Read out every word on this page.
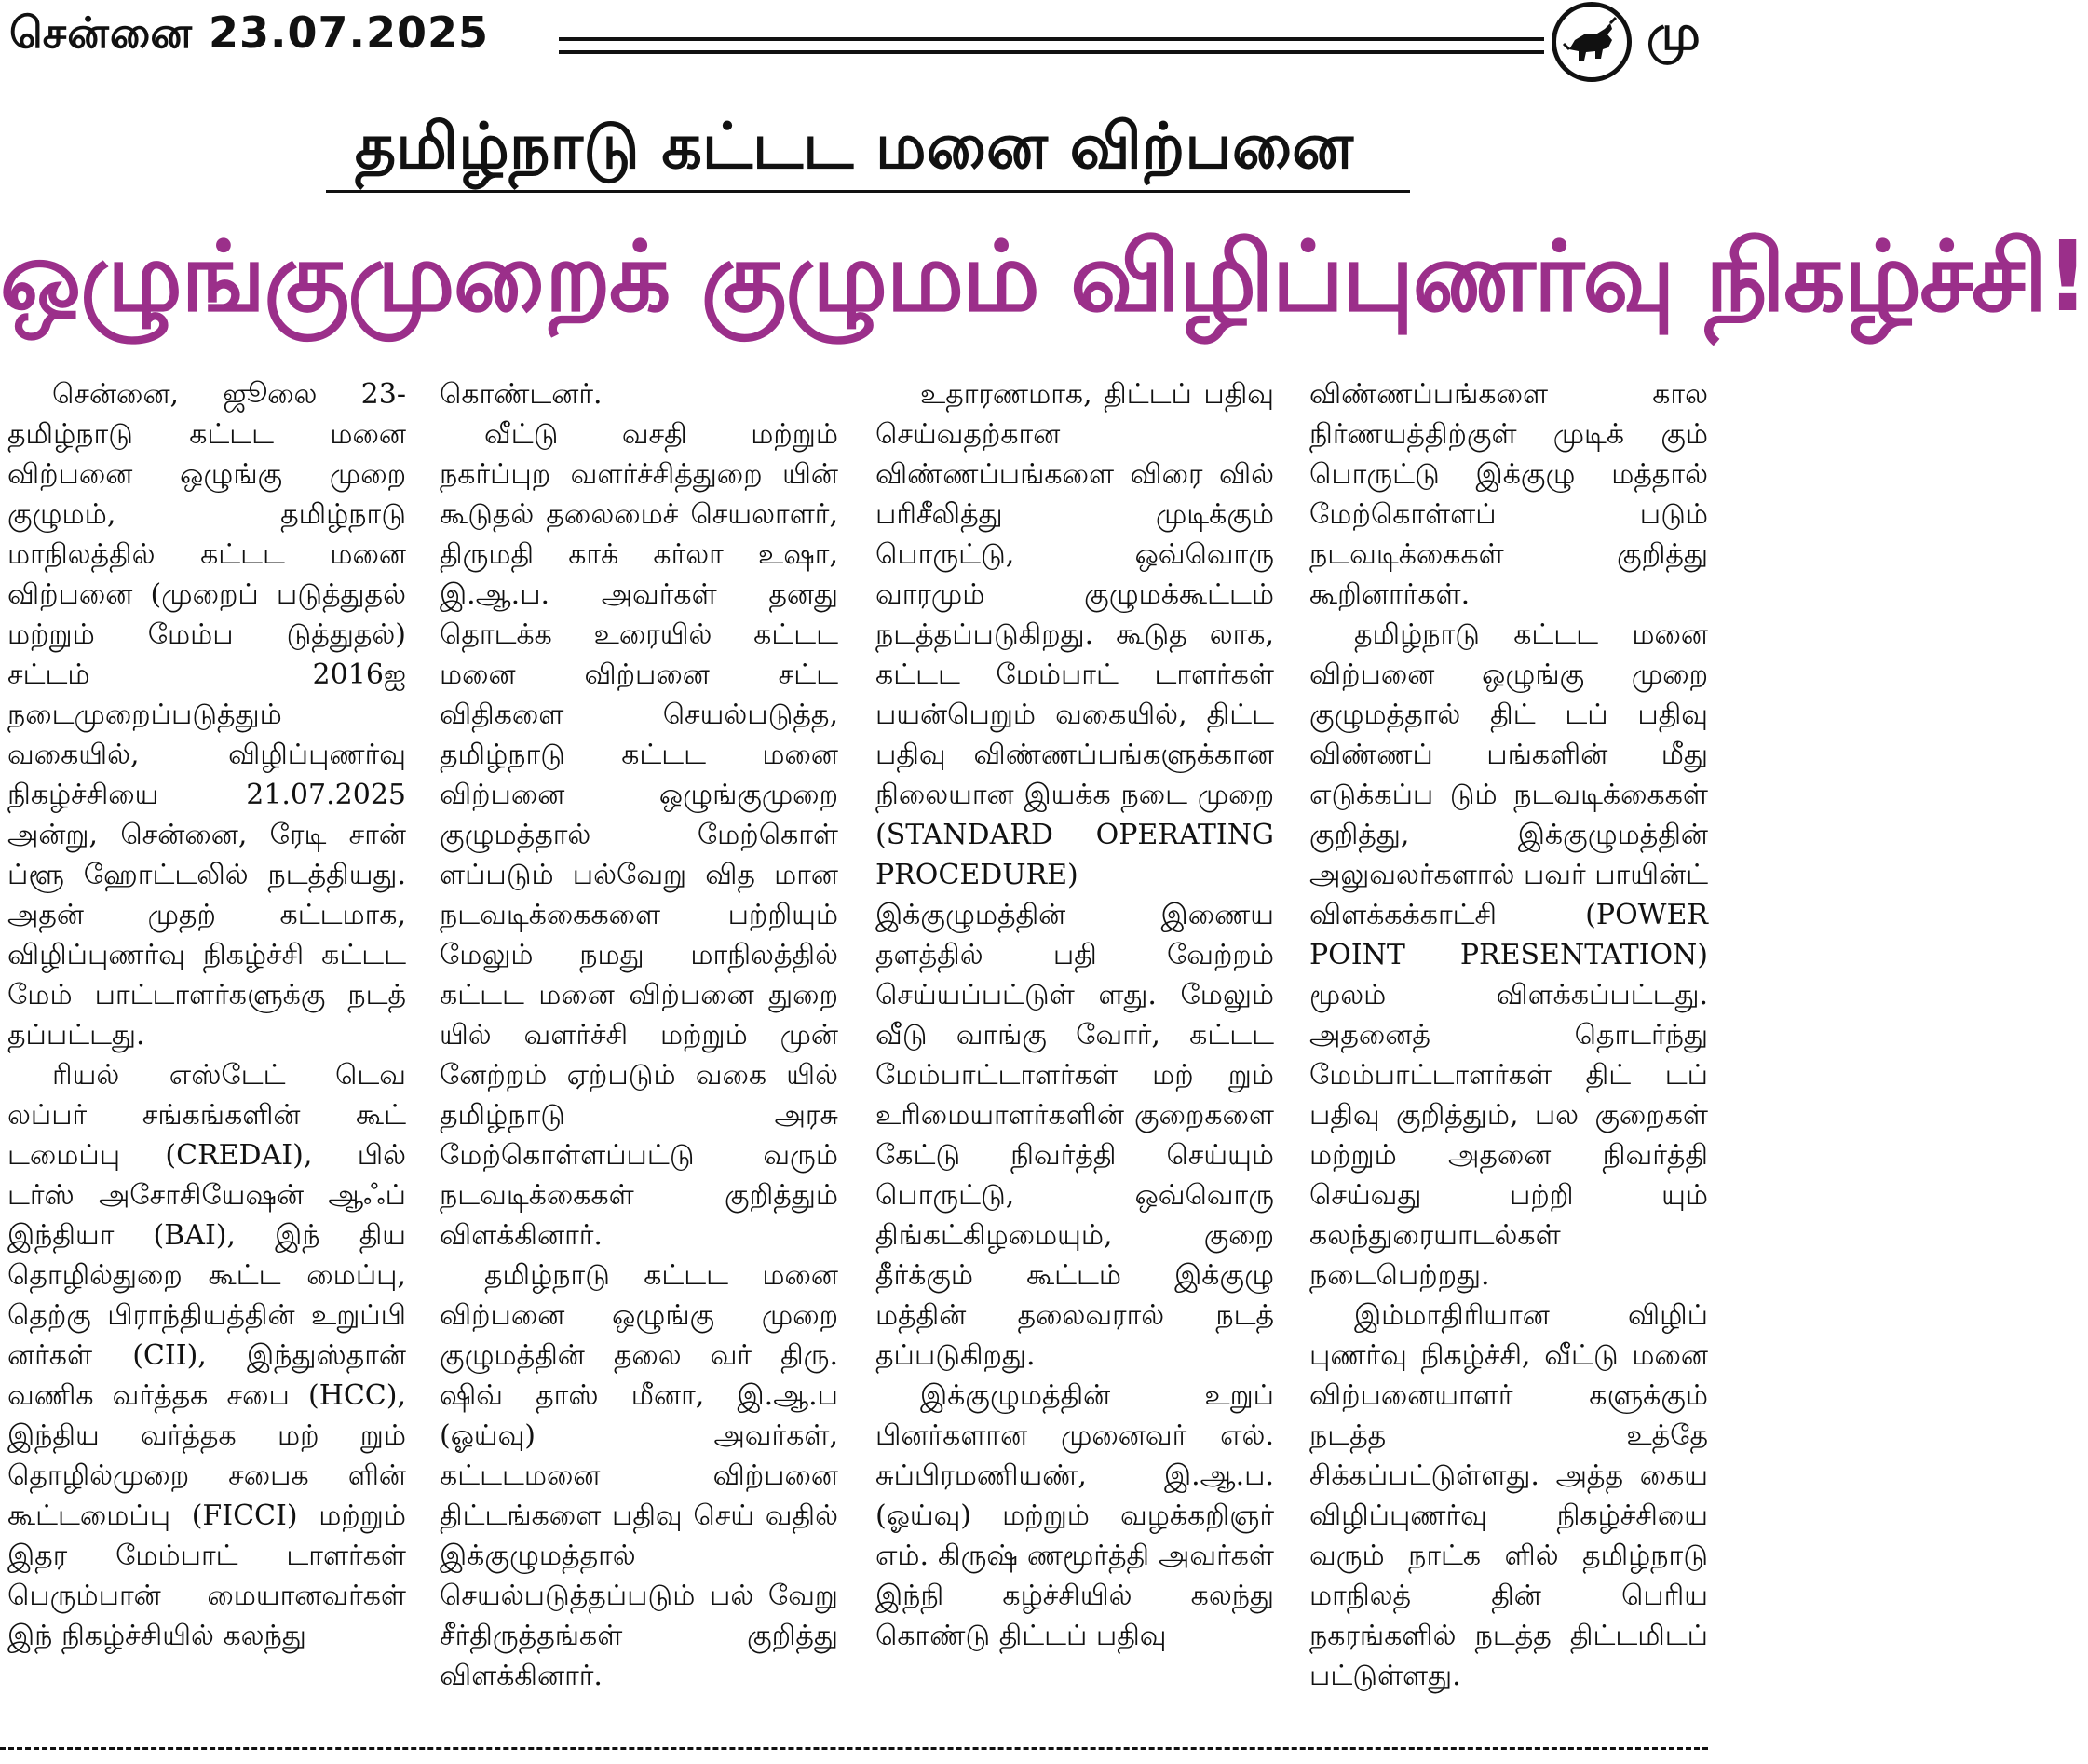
சென்னை 23.07.2025	மு
தமிழ்நாடு கட்டட மனை விற்பனை
ஒழுங்குமுறைக் குழுமம் விழிப்புணர்வு நிகழ்ச்சி!

சென்னை, ஜூலை 23- தமிழ்நாடு கட்டட மனை விற்பனை ஒழுங்கு முறை குழுமம், தமிழ்நாடு மாநிலத்தில் கட்டட மனை விற்பனை (முறைப் படுத்துதல் மற்றும் மேம்ப டுத்துதல்) சட்டம் 2016ஐ நடைமுறைப்படுத்தும் வகையில், விழிப்புணர்வு நிகழ்ச்சியை 21.07.2025 அன்று, சென்னை, ரேடி சான் ப்ளூ ஹோட்டலில் நடத்தியது. அதன் முதற் கட்டமாக, விழிப்புணர்வு நிகழ்ச்சி கட்டட மேம் பாட்டாளர்களுக்கு நடத் தப்பட்டது.

ரியல் எஸ்டேட் டெவ லப்பர் சங்கங்களின் கூட் டமைப்பு (CREDAI), பில் டர்ஸ் அசோசியேஷன் ஆஃப் இந்தியா (BAI), இந் திய தொழில்துறை கூட்ட மைப்பு, தெற்கு பிராந்தியத்தின் உறுப்பி னர்கள் (CII), இந்துஸ்தான் வணிக வர்த்தக சபை (HCC), இந்திய வர்த்தக மற் றும் தொழில்முறை சபைக ளின் கூட்டமைப்பு (FICCI) மற்றும் இதர மேம்பாட் டாளர்கள் பெரும்பான் மையானவர்கள் இந் நிகழ்ச்சியில் கலந்து

கொண்டனர்.

வீட்டு வசதி மற்றும் நகர்ப்புற வளர்ச்சித்துறை யின் கூடுதல் தலைமைச் செயலாளர், திருமதி காக் கர்லா உஷா, இ.ஆ.ப. அவர்கள் தனது தொடக்க உரையில் கட்டட மனை விற்பனை சட்ட விதிகளை செயல்படுத்த, தமிழ்நாடு கட்டட மனை விற்பனை ஒழுங்குமுறை குழுமத்தால் மேற்கொள் ளப்படும் பல்வேறு வித மான நடவடிக்கைகளை பற்றியும் மேலும் நமது மாநிலத்தில் கட்டட மனை விற்பனை துறை யில் வளர்ச்சி மற்றும் முன் னேற்றம் ஏற்படும் வகை யில் தமிழ்நாடு அரசு மேற்கொள்ளப்பட்டு வரும் நடவடிக்கைகள் குறித்தும் விளக்கினார்.

தமிழ்நாடு கட்டட மனை விற்பனை ஒழுங்கு முறை குழுமத்தின் தலை வர் திரு. ஷிவ் தாஸ் மீனா, இ.ஆ.ப (ஓய்வு) அவர்கள், கட்டடமனை விற்பனை திட்டங்களை பதிவு செய் வதில் இக்குழுமத்தால் செயல்படுத்தப்படும் பல் வேறு சீர்திருத்தங்கள் குறித்து விளக்கினார்.

உதாரணமாக, திட்டப் பதிவு செய்வதற்கான விண்ணப்பங்களை விரை வில் பரிசீலித்து முடிக்கும் பொருட்டு, ஒவ்வொரு வாரமும் குழுமக்கூட்டம் நடத்தப்படுகிறது. கூடுத லாக, கட்டட மேம்பாட் டாளர்கள் பயன்பெறும் வகையில், திட்ட பதிவு விண்ணப்பங்களுக்கான நிலையான இயக்க நடை முறை (STANDARD OPERATING PROCEDURE) இக்குழுமத்தின் இணைய தளத்தில் பதி வேற்றம் செய்யப்பட்டுள் ளது. மேலும் வீடு வாங்கு வோர், கட்டட மேம்பாட்டாளர்கள் மற் றும் உரிமையாளர்களின் குறைகளை கேட்டு நிவர்த்தி செய்யும் பொருட்டு, ஒவ்வொரு திங்கட்கிழமையும், குறை தீர்க்கும் கூட்டம் இக்குழு மத்தின் தலைவரால் நடத் தப்படுகிறது.

இக்குழுமத்தின் உறுப் பினர்களான முனைவர் எல். சுப்பிரமணியண், இ.ஆ.ப. (ஓய்வு) மற்றும் வழக்கறிஞர் எம். கிருஷ் ணமூர்த்தி அவர்கள் இந்நி கழ்ச்சியில் கலந்து கொண்டு திட்டப் பதிவு

விண்ணப்பங்களை கால நிர்ணயத்திற்குள் முடிக் கும் பொருட்டு இக்குழு மத்தால் மேற்கொள்ளப் படும் நடவடிக்கைகள் குறித்து கூறினார்கள்.

தமிழ்நாடு கட்டட மனை விற்பனை ஒழுங்கு முறை குழுமத்தால் திட் டப் பதிவு விண்ணப் பங்களின் மீது எடுக்கப்ப டும் நடவடிக்கைகள் குறித்து, இக்குழுமத்தின் அலுவலர்களால் பவர் பாயின்ட் விளக்கக்காட்சி (POWER POINT PRESENTATION) மூலம் விளக்கப்பட்டது. அதனைத் தொடர்ந்து மேம்பாட்டாளர்கள் திட் டப் பதிவு குறித்தும், பல குறைகள் மற்றும் அதனை நிவர்த்தி செய்வது பற்றி யும் கலந்துரையாடல்கள் நடைபெற்றது.

இம்மாதிரியான விழிப் புணர்வு நிகழ்ச்சி, வீட்டு மனை விற்பனையாளர் களுக்கும் நடத்த உத்தே சிக்கப்பட்டுள்ளது. அத்த கைய விழிப்புணர்வு நிகழ்ச்சியை வரும் நாட்க ளில் தமிழ்நாடு மாநிலத் தின் பெரிய நகரங்களில் நடத்த திட்டமிடப் பட்டுள்ளது.
